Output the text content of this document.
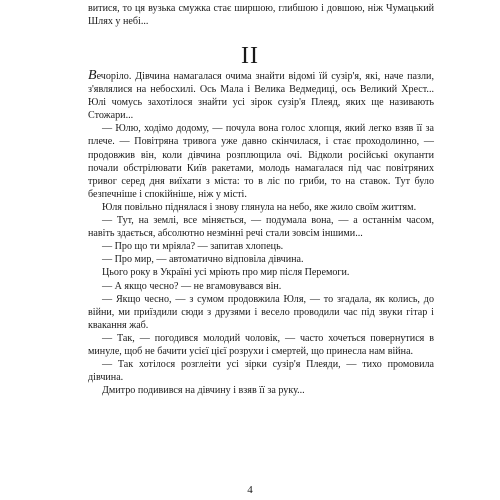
витися, то ця вузька смужка стає ширшою, глибшою і довшою, ніж Чумацький Шлях у небі...

II

Вечоріло. Дівчина намагалася очима знайти відомі їй сузір'я, які, наче пазли, з'являлися на небосхилі. Ось Мала і Велика Ведмедиці, ось Великий Хрест... Юлі чомусь захотілося знайти усі зірок сузір'я Плеяд, яких ще називають Стожари...

— Юлю, ходімо додому, — почула вона голос хлопця, який легко взяв її за плече. — Повітряна тривога уже давно скінчилася, і стає проходолинно, — продовжив він, коли дівчина розплющила очі. Відколи російські окупанти почали обстрілювати Київ ракетами, молодь намагалася під час повітряних тривог серед дня виїхати з міста: то в ліс по гриби, то на ставок. Тут було безпечніше і спокійніше, ніж у місті.

Юля повільно піднялася і знову глянула на небо, яке жило своїм життям.

— Тут, на землі, все міняється, — подумала вона, — а останнім часом, навіть здається, абсолютно незмінні речі стали зовсім іншими...

— Про що ти мріяла? — запитав хлопець.

— Про мир, — автоматично відповіла дівчина.

Цього року в Україні усі мріють про мир після Перемоги.

— А якщо чесно? — не вгамовувався він.

— Якщо чесно, — з сумом продовжила Юля, — то згадала, як колись, до війни, ми приїздили сюди з друзями і весело проводили час під звуки гітар і квакання жаб.

— Так, — погодився молодий чоловік, — часто хочеться повернутися в минуле, щоб не бачити усієї цієї розрухи і смертей, що принесла нам війна.

— Так хотілося розглеіти усі зірки сузір'я Плеяди, — тихо промовила дівчина.

Дмитро подивився на дівчину і взяв її за руку...

4
